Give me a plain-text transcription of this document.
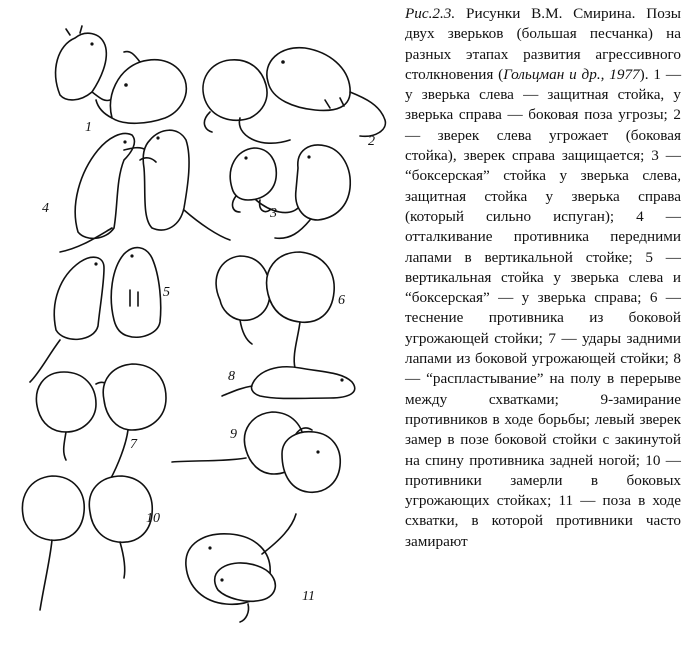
1
2
4	3
5
6
7
8
9
10
11

Рис.2.3. Рисунки В.М. Смирина. Позы двух зверьков (большая песчанка) на разных этапах развития агрессивного столкновения (Гольцман и др., 1977). 1 — у зверька слева — защитная стойка, у зверька справа — боковая поза угрозы; 2 — зверек слева угрожает (боковая стойка), зверек справа защищается; 3 — “боксерская” стойка у зверька слева, защитная стойка у зверька справа (который сильно испуган); 4 — отталкивание противника передними лапами в вертикальной стойке; 5 — вертикальная стойка у зверька слева и “боксерская” — у зверька справа; 6 — теснение противника из боковой угрожающей стойки; 7 — удары задними лапами из боковой угрожающей стойки; 8 — “распластывание” на полу в перерыве между схватками; 9-замирание противников в ходе борьбы; левый зверек замер в позе боковой стойки с закинутой на спину противника задней ногой; 10 — противники замерли в боковых угрожающих стойках; 11 — поза в ходе схватки, в которой противники часто замирают
